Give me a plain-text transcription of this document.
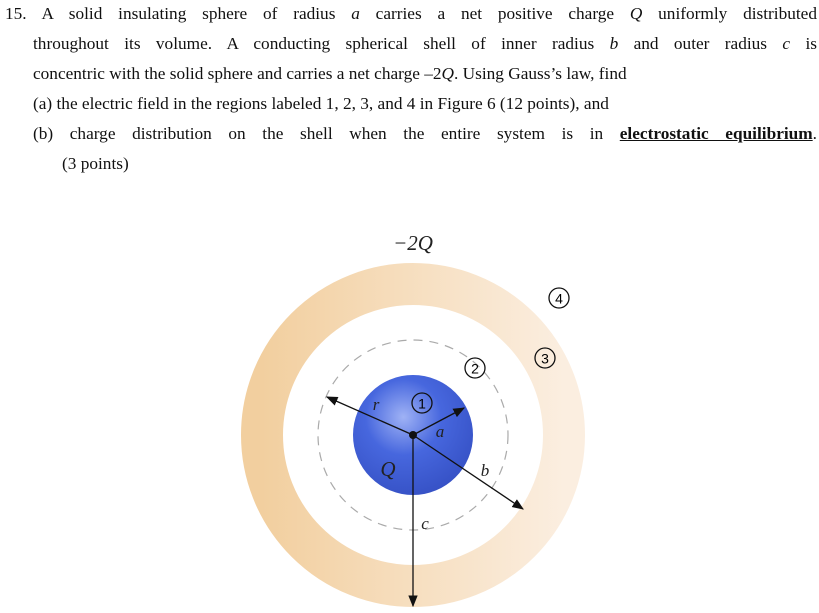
15. A solid insulating sphere of radius a carries a net positive charge Q uniformly distributed
throughout its volume. A conducting spherical shell of inner radius b and outer radius c is
concentric with the solid sphere and carries a net charge –2Q. Using Gauss’s law, find
(a) the electric field in the regions labeled 1, 2, 3, and 4 in Figure 6 (12 points), and
(b) charge distribution on the shell when the entire system is in electrostatic equilibrium.
(3 points)
−2Q
r
a
Q	b
c
1
2
3
4
